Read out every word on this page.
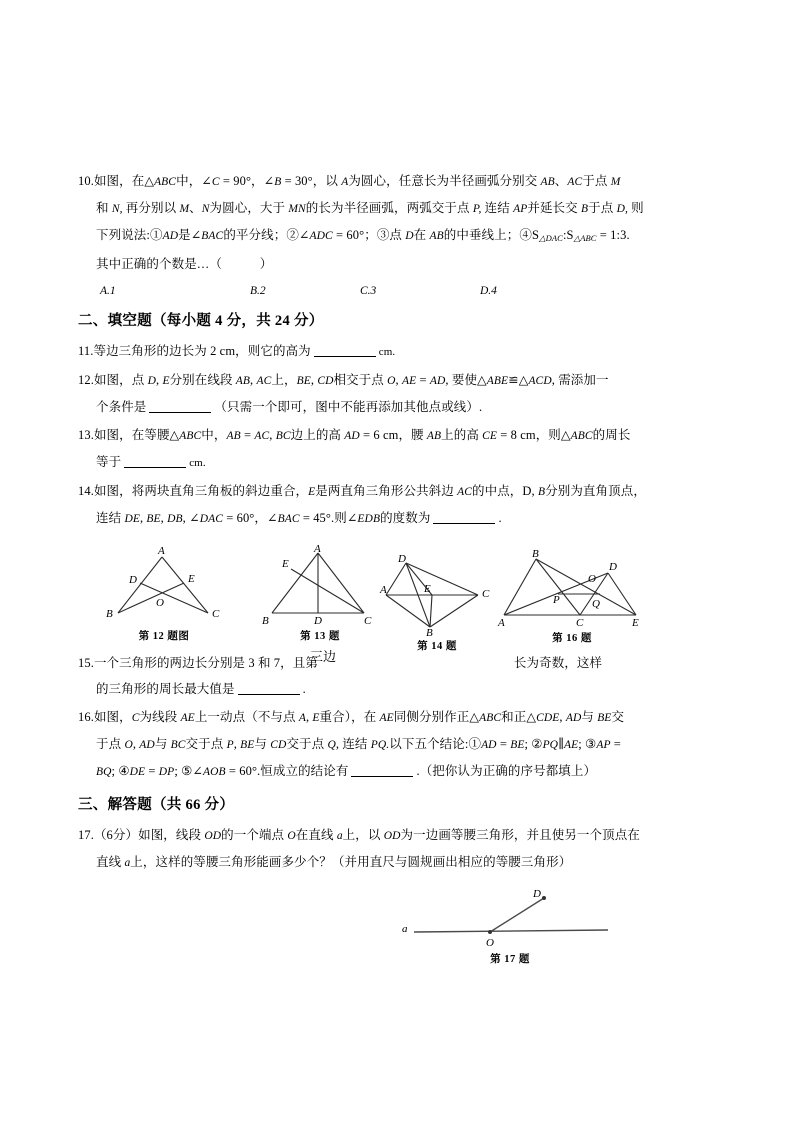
10.如图，在△ABC中，∠C = 90°，∠B = 30°，以 A为圆心，任意长为半径画弧分别交 AB、AC于点 M
和 N, 再分别以 M、N为圆心，大于 MN的长为半径画弧，两弧交于点 P, 连结 AP并延长交 B于点 D, 则
下列说法:①AD是∠BAC的平分线；②∠ADC = 60°；③点 D在 AB的中垂线上；$④S_{\triangle DAC}:S_{\triangle ABC}$ = 1:3.
其中正确的个数是…（　　　）
A.1	B.2	C.3	D.4
二、填空题（每小题 4 分，共 24 分）
11.等边三角形的边长为 2 cm，则它的高为	cm.
12.如图，点 D, E分别在线段 AB, AC上，BE, CD相交于点 O, AE = AD, 要使△ABE≌△ACD, 需添加一
个条件是	（只需一个即可，图中不能再添加其他点或线）.
13.如图，在等腰△ABC中，AB = AC, BC边上的高 AD = 6 cm，腰 AB上的高 CE = 8 cm，则△ABC的周长
等于	cm.
14.如图，将两块直角三角板的斜边重合，E是两直角三角形公共斜边 AC的中点，D, B分别为直角顶点，
连结 DE, BE, DB, ∠DAC = 60°，∠BAC = 45°.则∠EDB的度数为	.
A
D	E
O
B	C
第 12 题图
A
E
B	D	C
第 13 题
D
A	E	C
B
第 14 题
B
D
O
P	Q
A	C	E
第 16 题
三边
15.一个三角形的两边长分别是 3 和 7，且第	长为奇数，这样
的三角形的周长最大值是	.
16.如图，C为线段 AE上一动点（不与点 A, E重合），在 AE同侧分别作正△ABC和正△CDE, AD与 BE交
于点 O, AD与 BC交于点 P, BE与 CD交于点 Q, 连结 PQ.以下五个结论:①AD = BE; ②PQ∥AE; ③AP =
BQ; ④DE = DP; ⑤∠AOB = 60°.恒成立的结论有	.（把你认为正确的序号都填上）
三、解答题（共 66 分）
17.（6分）如图，线段 OD的一个端点 O在直线 a上，以 OD为一边画等腰三角形，并且使另一个顶点在
直线 a上，这样的等腰三角形能画多少个？（并用直尺与圆规画出相应的等腰三角形）
a
O
D
第 17 题
